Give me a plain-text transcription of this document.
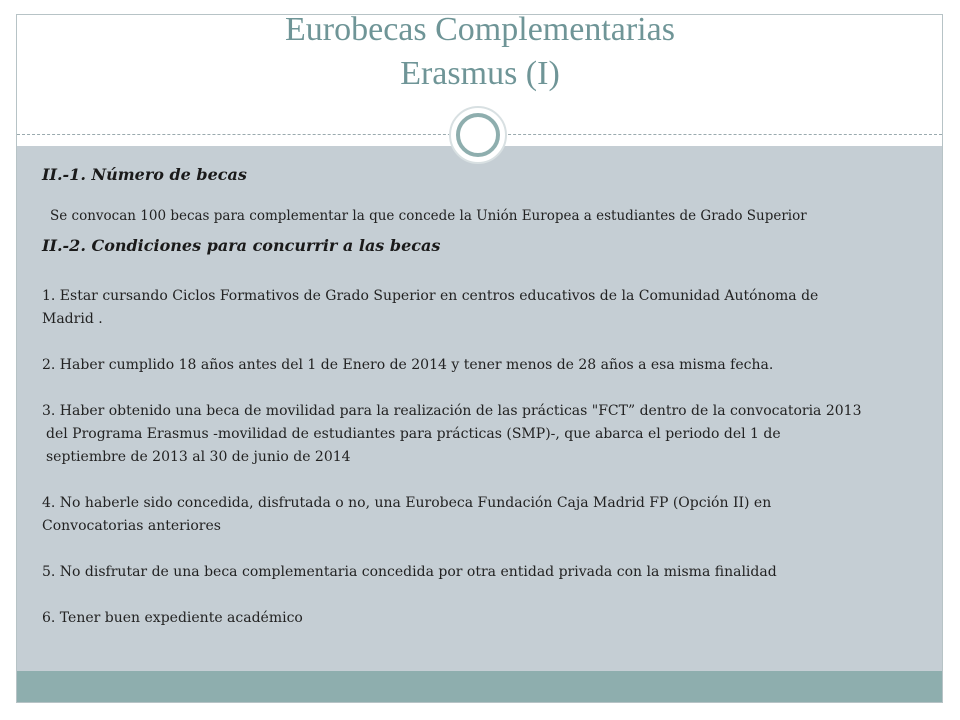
Eurobecas Complementarias
Erasmus (I)
II.-1. Número de becas
Se convocan 100 becas para complementar la que concede la Unión Europea a estudiantes de Grado Superior
II.-2. Condiciones para concurrir a las becas
1. Estar cursando Ciclos Formativos de Grado Superior en centros educativos de la Comunidad Autónoma de
Madrid .
2. Haber cumplido 18 años antes del 1 de Enero de 2014 y tener menos de 28 años a esa misma fecha.
3. Haber obtenido una beca de movilidad para la realización de las prácticas "FCT” dentro de la convocatoria 2013
del Programa Erasmus -movilidad de estudiantes para prácticas (SMP)-, que abarca el periodo del 1 de
septiembre de 2013 al 30 de junio de 2014
4. No haberle sido concedida, disfrutada o no, una Eurobeca Fundación Caja Madrid FP (Opción II) en
Convocatorias anteriores
5. No disfrutar de una beca complementaria concedida por otra entidad privada con la misma finalidad
6. Tener buen expediente académico
